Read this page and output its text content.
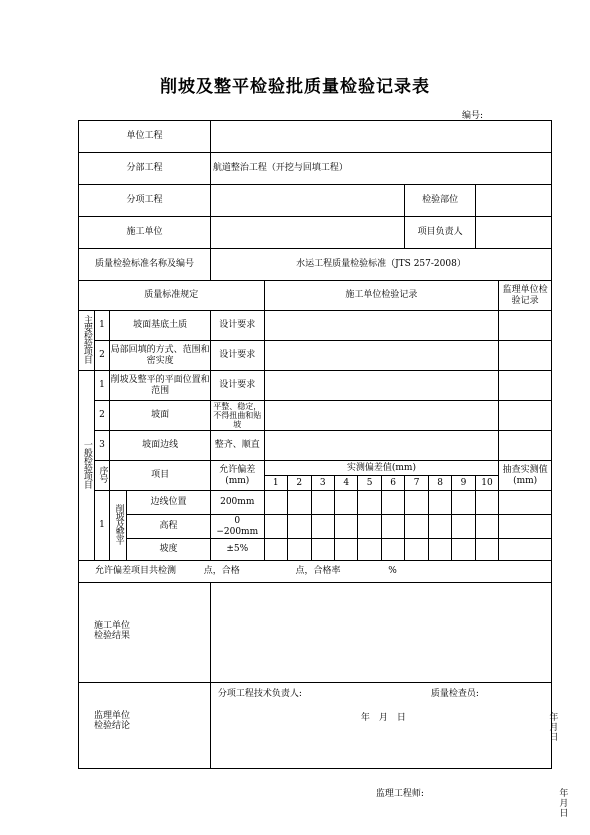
削坡及整平检验批质量检验记录表
编号:
单位工程															
分部工程				航道整治工程（开挖与回填工程）											
分项工程											检验部位				
施工单位											项目负责人				
质量检验标准名称及编号				水运工程质量检验标准（JTS 257-2008）											
质量标准规定					施工单位检验记录										监理单位检验记录
主要检验项目	1	坡面基底土质		设计要求											
	2	局部回填的方式、范围和密实度		设计要求											
一般检验项目	1	削坡及整平的平面位置和范围		设计要求											
	2	坡面		平整、稳定，不得扭曲和贴坡											
	3	坡面边线		整齐、顺直											
	序号	项目		允许偏差(mm)	实测偏差值(mm)										抽查实测值(mm)
					1	2	3	4	5	6	7	8	9	10	
	1	削坡及整平	边线位置	200mm											
			高程	0
−200mm											
			坡度	±5%											
允许偏差项目共检测 点，合格 点，合格率 %															

施工单位检验结果				分项工程技术负责人: 质量检查员:
年　月　日 年　月　日											

监理单位检验结论				监理工程师: 年　月　日											
